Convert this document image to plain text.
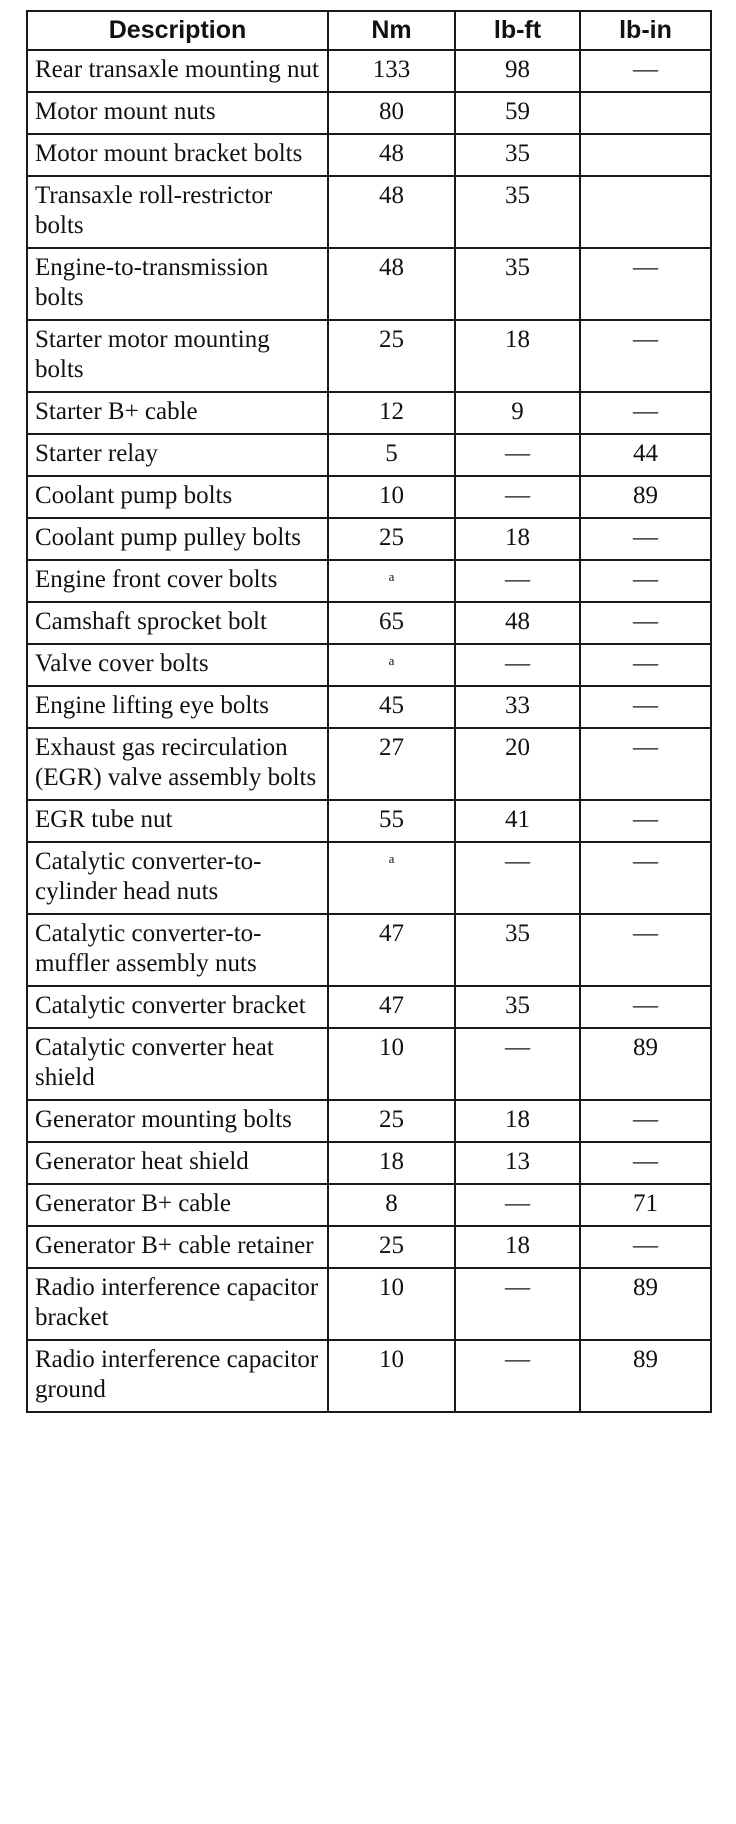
Description	Nm	lb-ft	lb-in
Rear transaxle mounting nut	133	98	—
Motor mount nuts	80	59	
Motor mount bracket bolts	48	35	
Transaxle roll-restrictor bolts	48	35	
Engine-to-transmission bolts	48	35	—
Starter motor mounting bolts	25	18	—
Starter B+ cable	12	9	—
Starter relay	5	—	44
Coolant pump bolts	10	—	89
Coolant pump pulley bolts	25	18	—
Engine front cover bolts	$^a$	—	—
Camshaft sprocket bolt	65	48	—
Valve cover bolts	$^a$	—	—
Engine lifting eye bolts	45	33	—
Exhaust gas recirculation (EGR) valve assembly bolts	27	20	—
EGR tube nut	55	41	—
Catalytic converter-to-cylinder head nuts	$^a$	—	—
Catalytic converter-to-muffler assembly nuts	47	35	—
Catalytic converter bracket	47	35	—
Catalytic converter heat shield	10	—	89
Generator mounting bolts	25	18	—
Generator heat shield	18	13	—
Generator B+ cable	8	—	71
Generator B+ cable retainer	25	18	—
Radio interference capacitor bracket	10	—	89
Radio interference capacitor ground	10	—	89
